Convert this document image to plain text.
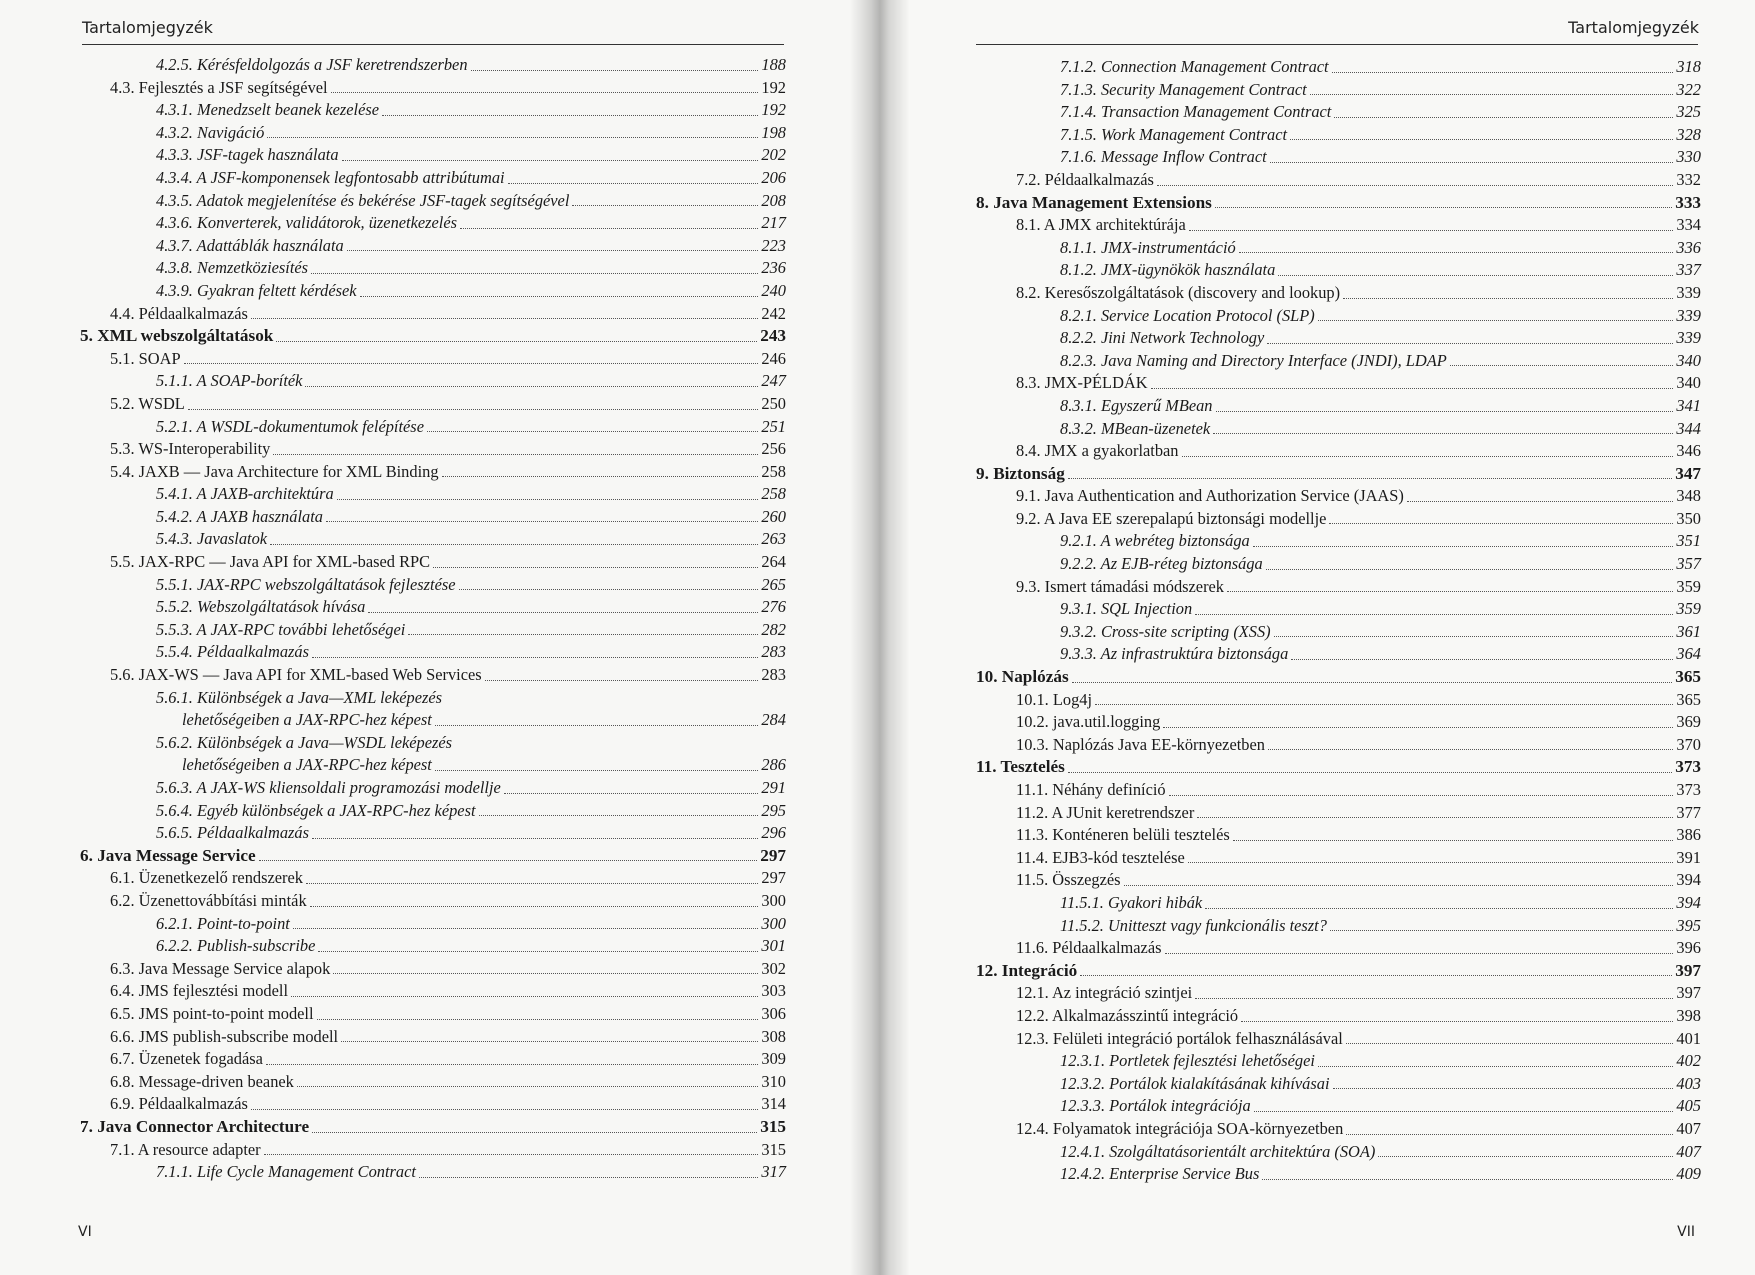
Tartalomjegyzék
4.2.5. Kérésfeldolgozás a JSF keretrendszerben	188
4.3. Fejlesztés a JSF segítségével	192
4.3.1. Menedzselt beanek kezelése	192
4.3.2. Navigáció	198
4.3.3. JSF-tagek használata	202
4.3.4. A JSF-komponensek legfontosabb attribútumai	206
4.3.5. Adatok megjelenítése és bekérése JSF-tagek segítségével	208
4.3.6. Konverterek, validátorok, üzenetkezelés	217
4.3.7. Adattáblák használata	223
4.3.8. Nemzetköziesítés	236
4.3.9. Gyakran feltett kérdések	240
4.4. Példaalkalmazás	242
5. XML webszolgáltatások	243
5.1. SOAP	246
5.1.1. A SOAP-boríték	247
5.2. WSDL	250
5.2.1. A WSDL-dokumentumok felépítése	251
5.3. WS-Interoperability	256
5.4. JAXB — Java Architecture for XML Binding	258
5.4.1. A JAXB-architektúra	258
5.4.2. A JAXB használata	260
5.4.3. Javaslatok	263
5.5. JAX-RPC — Java API for XML-based RPC	264
5.5.1. JAX-RPC webszolgáltatások fejlesztése	265
5.5.2. Webszolgáltatások hívása	276
5.5.3. A JAX-RPC további lehetőségei	282
5.5.4. Példaalkalmazás	283
5.6. JAX-WS — Java API for XML-based Web Services	283
5.6.1. Különbségek a Java—XML leképezés
lehetőségeiben a JAX-RPC-hez képest	284
5.6.2. Különbségek a Java—WSDL leképezés
lehetőségeiben a JAX-RPC-hez képest	286
5.6.3. A JAX-WS kliensoldali programozási modellje	291
5.6.4. Egyéb különbségek a JAX-RPC-hez képest	295
5.6.5. Példaalkalmazás	296
6. Java Message Service	297
6.1. Üzenetkezelő rendszerek	297
6.2. Üzenettovábbítási minták	300
6.2.1. Point-to-point	300
6.2.2. Publish-subscribe	301
6.3. Java Message Service alapok	302
6.4. JMS fejlesztési modell	303
6.5. JMS point-to-point modell	306
6.6. JMS publish-subscribe modell	308
6.7. Üzenetek fogadása	309
6.8. Message-driven beanek	310
6.9. Példaalkalmazás	314
7. Java Connector Architecture	315
7.1. A resource adapter	315
7.1.1. Life Cycle Management Contract	317
VI
Tartalomjegyzék
7.1.2. Connection Management Contract	318
7.1.3. Security Management Contract	322
7.1.4. Transaction Management Contract	325
7.1.5. Work Management Contract	328
7.1.6. Message Inflow Contract	330
7.2. Példaalkalmazás	332
8. Java Management Extensions	333
8.1. A JMX architektúrája	334
8.1.1. JMX-instrumentáció	336
8.1.2. JMX-ügynökök használata	337
8.2. Keresőszolgáltatások (discovery and lookup)	339
8.2.1. Service Location Protocol (SLP)	339
8.2.2. Jini Network Technology	339
8.2.3. Java Naming and Directory Interface (JNDI), LDAP	340
8.3. JMX-PÉLDÁK	340
8.3.1. Egyszerű MBean	341
8.3.2. MBean-üzenetek	344
8.4. JMX a gyakorlatban	346
9. Biztonság	347
9.1. Java Authentication and Authorization Service (JAAS)	348
9.2. A Java EE szerepalapú biztonsági modellje	350
9.2.1. A webréteg biztonsága	351
9.2.2. Az EJB-réteg biztonsága	357
9.3. Ismert támadási módszerek	359
9.3.1. SQL Injection	359
9.3.2. Cross-site scripting (XSS)	361
9.3.3. Az infrastruktúra biztonsága	364
10. Naplózás	365
10.1. Log4j	365
10.2. java.util.logging	369
10.3. Naplózás Java EE-környezetben	370
11. Tesztelés	373
11.1. Néhány definíció	373
11.2. A JUnit keretrendszer	377
11.3. Konténeren belüli tesztelés	386
11.4. EJB3-kód tesztelése	391
11.5. Összegzés	394
11.5.1. Gyakori hibák	394
11.5.2. Unitteszt vagy funkcionális teszt?	395
11.6. Példaalkalmazás	396
12. Integráció	397
12.1. Az integráció szintjei	397
12.2. Alkalmazásszintű integráció	398
12.3. Felületi integráció portálok felhasználásával	401
12.3.1. Portletek fejlesztési lehetőségei	402
12.3.2. Portálok kialakításának kihívásai	403
12.3.3. Portálok integrációja	405
12.4. Folyamatok integrációja SOA-környezetben	407
12.4.1. Szolgáltatásorientált architektúra (SOA)	407
12.4.2. Enterprise Service Bus	409
VII
